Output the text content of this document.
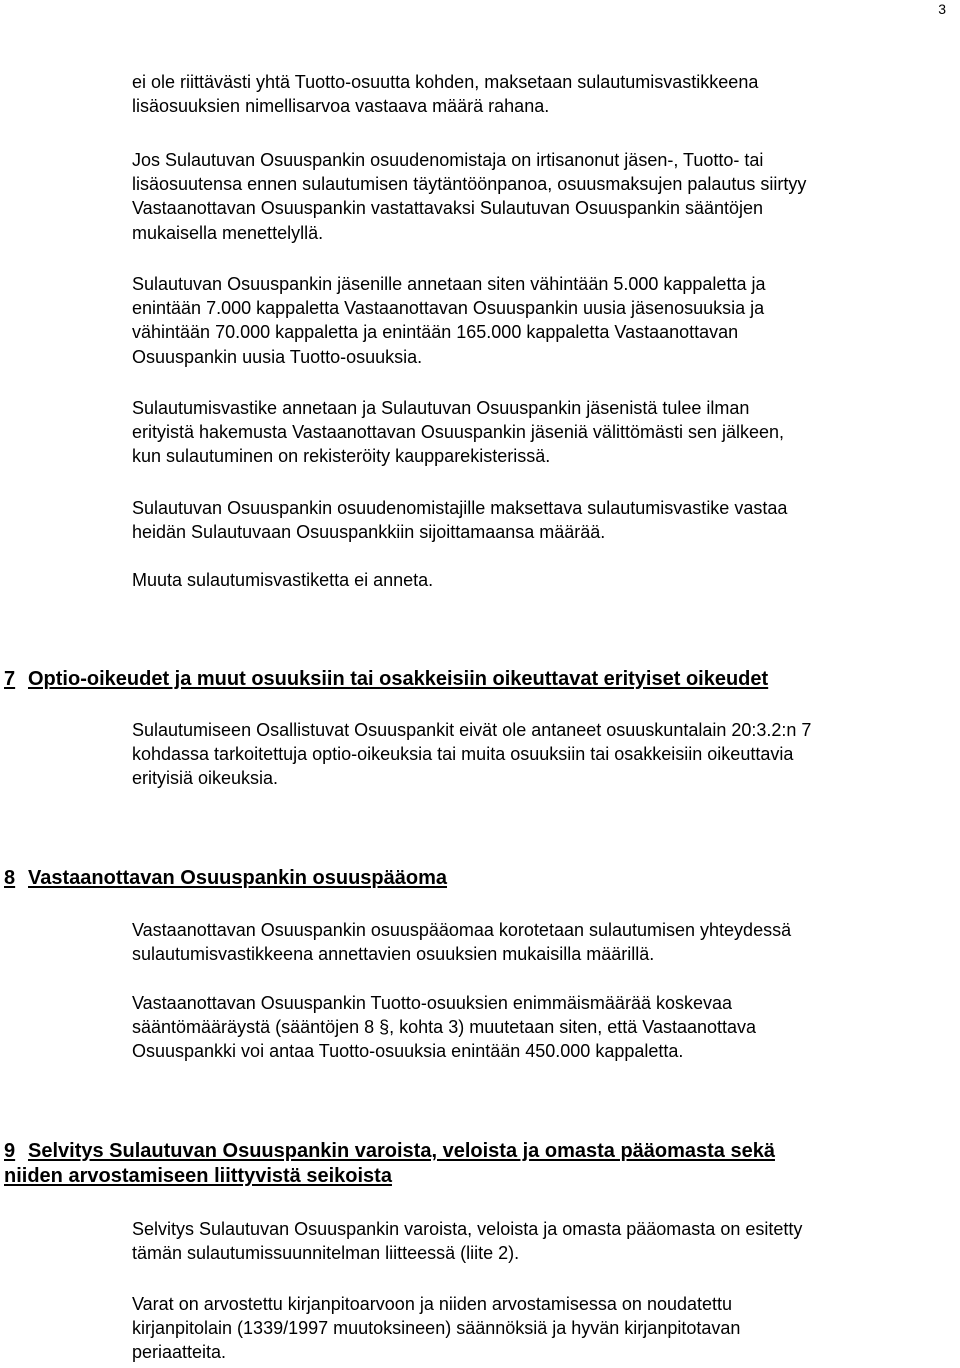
3

ei ole riittävästi yhtä Tuotto-osuutta kohden, maksetaan sulautumisvastikkeena
lisäosuuksien nimellisarvoa vastaava määrä rahana.

Jos Sulautuvan Osuuspankin osuudenomistaja on irtisanonut jäsen-, Tuotto- tai
lisäosuutensa ennen sulautumisen täytäntöönpanoa, osuusmaksujen palautus siirtyy
Vastaanottavan Osuuspankin vastattavaksi Sulautuvan Osuuspankin sääntöjen
mukaisella menettelyllä.

Sulautuvan Osuuspankin jäsenille annetaan siten vähintään 5.000 kappaletta ja
enintään 7.000 kappaletta Vastaanottavan Osuuspankin uusia jäsenosuuksia ja
vähintään 70.000 kappaletta ja enintään 165.000 kappaletta Vastaanottavan
Osuuspankin uusia Tuotto-osuuksia.

Sulautumisvastike annetaan ja Sulautuvan Osuuspankin jäsenistä tulee ilman
erityistä hakemusta Vastaanottavan Osuuspankin jäseniä välittömästi sen jälkeen,
kun sulautuminen on rekisteröity kaupparekisterissä.

Sulautuvan Osuuspankin osuudenomistajille maksettava sulautumisvastike vastaa
heidän Sulautuvaan Osuuspankkiin sijoittamaansa määrää.

Muuta sulautumisvastiketta ei anneta.

7 Optio-oikeudet ja muut osuuksiin tai osakkeisiin oikeuttavat erityiset oikeudet

Sulautumiseen Osallistuvat Osuuspankit eivät ole antaneet osuuskuntalain 20:3.2:n 7
kohdassa tarkoitettuja optio-oikeuksia tai muita osuuksiin tai osakkeisiin oikeuttavia
erityisiä oikeuksia.

8 Vastaanottavan Osuuspankin osuuspääoma

Vastaanottavan Osuuspankin osuuspääomaa korotetaan sulautumisen yhteydessä
sulautumisvastikkeena annettavien osuuksien mukaisilla määrillä.

Vastaanottavan Osuuspankin Tuotto-osuuksien enimmäismäärää koskevaa
sääntömääräystä (sääntöjen 8 §, kohta 3) muutetaan siten, että Vastaanottava
Osuuspankki voi antaa Tuotto-osuuksia enintään 450.000 kappaletta.

9 Selvitys Sulautuvan Osuuspankin varoista, veloista ja omasta pääomasta sekä
niiden arvostamiseen liittyvistä seikoista

Selvitys Sulautuvan Osuuspankin varoista, veloista ja omasta pääomasta on esitetty
tämän sulautumissuunnitelman liitteessä (liite 2).

Varat on arvostettu kirjanpitoarvoon ja niiden arvostamisessa on noudatettu
kirjanpitolain (1339/1997 muutoksineen) säännöksiä ja hyvän kirjanpitotavan
periaatteita.
